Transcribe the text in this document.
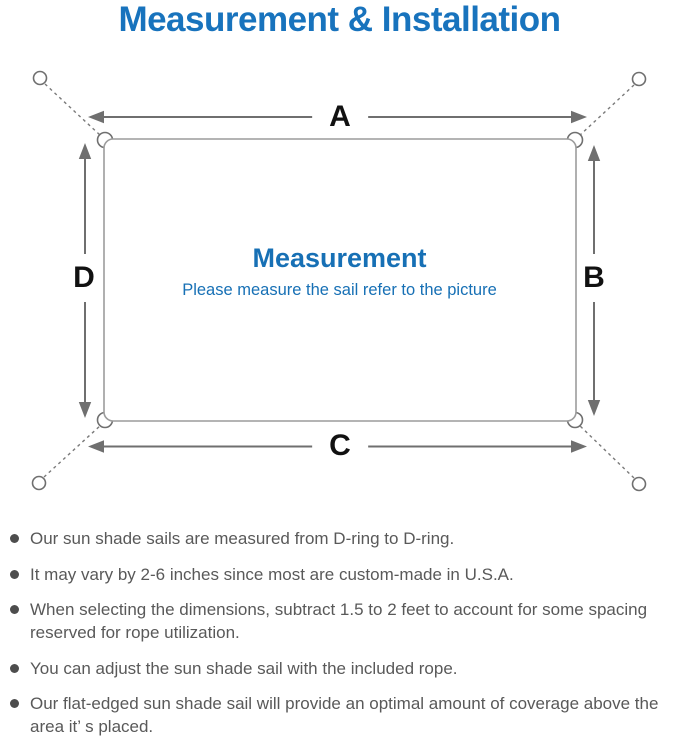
Measurement & Installation
A
B
C
D
Measurement

Please measure the sail refer to the picture

Our sun shade sails are measured from D-ring to D-ring.
It may vary by 2-6 inches since most are custom-made in U.S.A.
When selecting the dimensions, subtract 1.5 to 2 feet to account for some spacing reserved for rope utilization.
You can adjust the sun shade sail with the included rope.
Our flat-edged sun shade sail will provide an optimal amount of coverage above the area it’ s placed.
